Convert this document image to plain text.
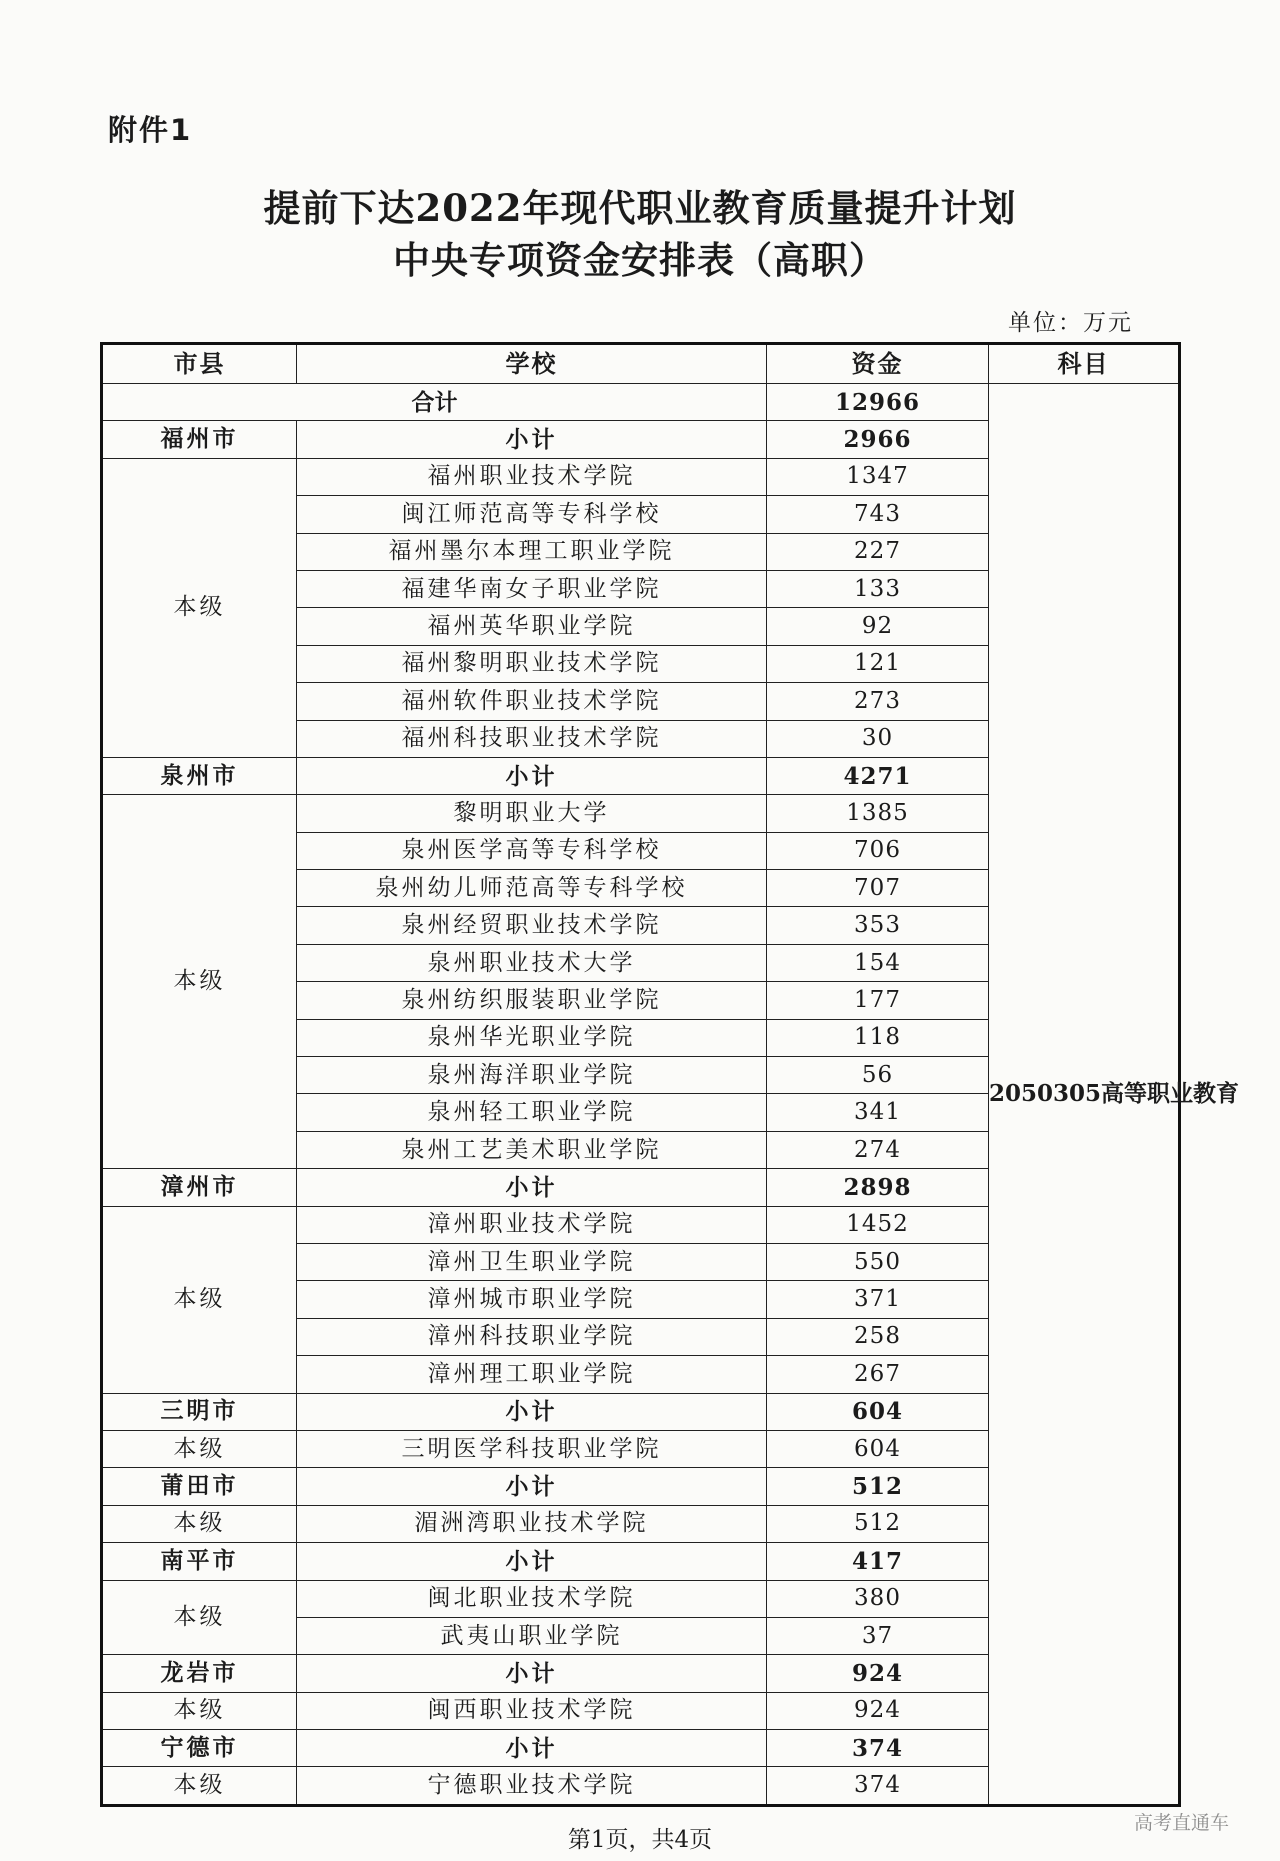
附件1
提前下达2022年现代职业教育质量提升计划
中央专项资金安排表（高职）
单位：万元
市县	学校	资金	科目
合计		12966	2050305高等职业教育
福州市	小计	2966	
本级	福州职业技术学院	1347	
	闽江师范高等专科学校	743	
	福州墨尔本理工职业学院	227	
	福建华南女子职业学院	133	
	福州英华职业学院	92	
	福州黎明职业技术学院	121	
	福州软件职业技术学院	273	
	福州科技职业技术学院	30	
泉州市	小计	4271	
本级	黎明职业大学	1385	
	泉州医学高等专科学校	706	
	泉州幼儿师范高等专科学校	707	
	泉州经贸职业技术学院	353	
	泉州职业技术大学	154	
	泉州纺织服装职业学院	177	
	泉州华光职业学院	118	
	泉州海洋职业学院	56	
	泉州轻工职业学院	341	
	泉州工艺美术职业学院	274	
漳州市	小计	2898	
本级	漳州职业技术学院	1452	
	漳州卫生职业学院	550	
	漳州城市职业学院	371	
	漳州科技职业学院	258	
	漳州理工职业学院	267	
三明市	小计	604	
本级	三明医学科技职业学院	604	
莆田市	小计	512	
本级	湄洲湾职业技术学院	512	
南平市	小计	417	
本级	闽北职业技术学院	380	
	武夷山职业学院	37	
龙岩市	小计	924	
本级	闽西职业技术学院	924	
宁德市	小计	374	
本级	宁德职业技术学院	374	
第1页，共4页
高考直通车
